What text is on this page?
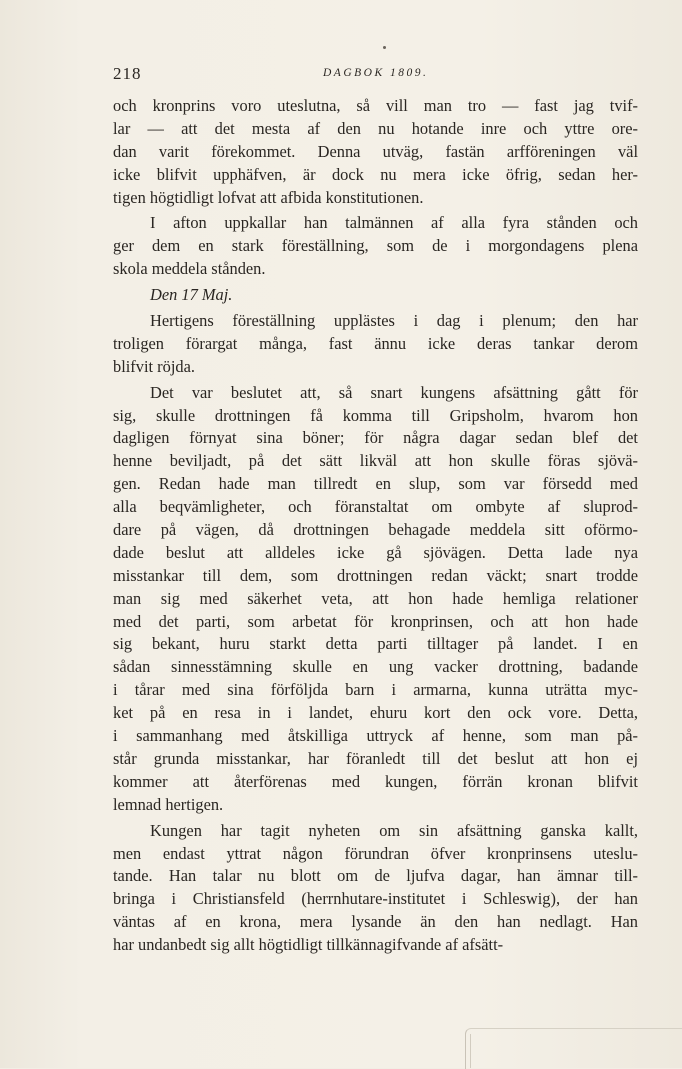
218	DAGBOK 1809.
och kronprins voro uteslutna, så vill man tro — fast jag tvif-
lar — att det mesta af den nu hotande inre och yttre ore-
dan varit förekommet. Denna utväg, fastän arfföreningen väl
icke blifvit upphäfven, är dock nu mera icke öfrig, sedan her-
tigen högtidligt lofvat att afbida konstitutionen.
I afton uppkallar han talmännen af alla fyra stånden och
ger dem en stark föreställning, som de i morgondagens plena
skola meddela stånden.
Den 17 Maj.
Hertigens föreställning upplästes i dag i plenum; den har
troligen förargat många, fast ännu icke deras tankar derom
blifvit röjda.
Det var beslutet att, så snart kungens afsättning gått för
sig, skulle drottningen få komma till Gripsholm, hvarom hon
dagligen förnyat sina böner; för några dagar sedan blef det
henne beviljadt, på det sätt likväl att hon skulle föras sjövä-
gen. Redan hade man tillredt en slup, som var försedd med
alla beqvämligheter, och föranstaltat om ombyte af sluprod-
dare på vägen, då drottningen behagade meddela sitt oförmo-
dade beslut att alldeles icke gå sjövägen. Detta lade nya
misstankar till dem, som drottningen redan väckt; snart trodde
man sig med säkerhet veta, att hon hade hemliga relationer
med det parti, som arbetat för kronprinsen, och att hon hade
sig bekant, huru starkt detta parti tilltager på landet. I en
sådan sinnesstämning skulle en ung vacker drottning, badande
i tårar med sina förföljda barn i armarna, kunna uträtta myc-
ket på en resa in i landet, ehuru kort den ock vore. Detta,
i sammanhang med åtskilliga uttryck af henne, som man på-
står grunda misstankar, har föranledt till det beslut att hon ej
kommer att återförenas med kungen, förrän kronan blifvit
lemnad hertigen.
Kungen har tagit nyheten om sin afsättning ganska kallt,
men endast yttrat någon förundran öfver kronprinsens uteslu-
tande. Han talar nu blott om de ljufva dagar, han ämnar till-
bringa i Christiansfeld (herrnhutare-institutet i Schleswig), der han
väntas af en krona, mera lysande än den han nedlagt. Han
har undanbedt sig allt högtidligt tillkännagifvande af afsätt-
